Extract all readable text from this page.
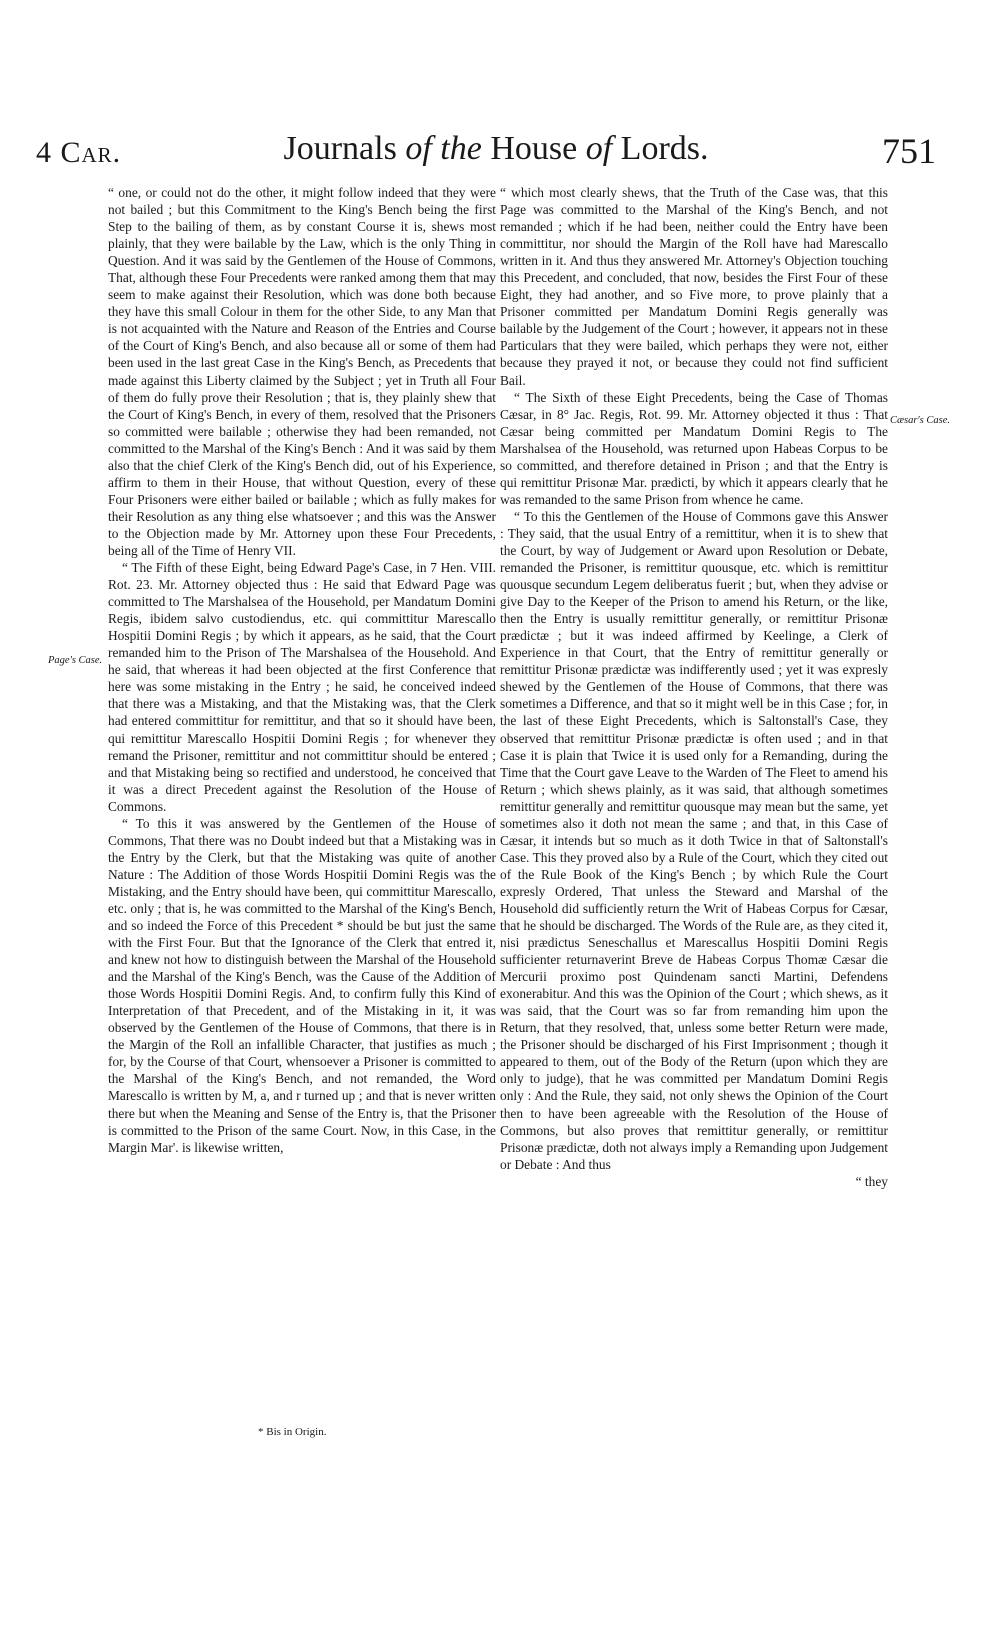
4 Car.	Journals of the House of Lords.	751
Page's Case.
Cæsar's Case.

“ one, or could not do the other, it might follow indeed that they were not bailed ; but this Commitment to the King's Bench being the first Step to the bailing of them, as by constant Course it is, shews most plainly, that they were bailable by the Law, which is the only Thing in Question. And it was said by the Gentlemen of the House of Commons, That, although these Four Precedents were ranked among them that may seem to make against their Resolution, which was done both because they have this small Colour in them for the other Side, to any Man that is not acquainted with the Nature and Reason of the Entries and Course of the Court of King's Bench, and also because all or some of them had been used in the last great Case in the King's Bench, as Precedents that made against this Liberty claimed by the Subject ; yet in Truth all Four of them do fully prove their Resolution ; that is, they plainly shew that the Court of King's Bench, in every of them, resolved that the Prisoners so committed were bailable ; otherwise they had been remanded, not committed to the Marshal of the King's Bench : And it was said by them also that the chief Clerk of the King's Bench did, out of his Experience, affirm to them in their House, that without Question, every of these Four Prisoners were either bailed or bailable ; which as fully makes for their Resolution as any thing else whatsoever ; and this was the Answer to the Objection made by Mr. Attorney upon these Four Precedents, being all of the Time of Henry VII.

“ The Fifth of these Eight, being Edward Page's Case, in 7 Hen. VIII. Rot. 23. Mr. Attorney objected thus : He said that Edward Page was committed to The Marshalsea of the Household, per Mandatum Domini Regis, ibidem salvo custodiendus, etc. qui committitur Marescallo Hospitii Domini Regis ; by which it appears, as he said, that the Court remanded him to the Prison of The Marshalsea of the Household. And he said, that whereas it had been objected at the first Conference that here was some mistaking in the Entry ; he said, he conceived indeed that there was a Mistaking, and that the Mistaking was, that the Clerk had entered committitur for remittitur, and that so it should have been, qui remittitur Marescallo Hospitii Domini Regis ; for whenever they remand the Prisoner, remittitur and not committitur should be entered ; and that Mistaking being so rectified and understood, he conceived that it was a direct Precedent against the Resolution of the House of Commons.

“ To this it was answered by the Gentlemen of the House of Commons, That there was no Doubt indeed but that a Mistaking was in the Entry by the Clerk, but that the Mistaking was quite of another Nature : The Addition of those Words Hospitii Domini Regis was the Mistaking, and the Entry should have been, qui committitur Marescallo, etc. only ; that is, he was committed to the Marshal of the King's Bench, and so indeed the Force of this Precedent * should be but just the same with the First Four. But that the Ignorance of the Clerk that entred it, and knew not how to distinguish between the Marshal of the Household and the Marshal of the King's Bench, was the Cause of the Addition of those Words Hospitii Domini Regis. And, to confirm fully this Kind of Interpretation of that Precedent, and of the Mistaking in it, it was observed by the Gentlemen of the House of Commons, that there is in the Margin of the Roll an infallible Character, that justifies as much ; for, by the Course of that Court, whensoever a Prisoner is committed to the Marshal of the King's Bench, and not remanded, the Word Marescallo is written by M, a, and r turned up ; and that is never written there but when the Meaning and Sense of the Entry is, that the Prisoner is committed to the Prison of the same Court. Now, in this Case, in the Margin Mar'. is likewise written,

“ which most clearly shews, that the Truth of the Case was, that this Page was committed to the Marshal of the King's Bench, and not remanded ; which if he had been, neither could the Entry have been committitur, nor should the Margin of the Roll have had Marescallo written in it. And thus they answered Mr. Attorney's Objection touching this Precedent, and concluded, that now, besides the First Four of these Eight, they had another, and so Five more, to prove plainly that a Prisoner committed per Mandatum Domini Regis generally was bailable by the Judgement of the Court ; however, it appears not in these Particulars that they were bailed, which perhaps they were not, either because they prayed it not, or because they could not find sufficient Bail.

“ The Sixth of these Eight Precedents, being the Case of Thomas Cæsar, in 8° Jac. Regis, Rot. 99. Mr. Attorney objected it thus : That Cæsar being committed per Mandatum Domini Regis to The Marshalsea of the Household, was returned upon Habeas Corpus to be so committed, and therefore detained in Prison ; and that the Entry is qui remittitur Prisonæ Mar. prædicti, by which it appears clearly that he was remanded to the same Prison from whence he came.

“ To this the Gentlemen of the House of Commons gave this Answer : They said, that the usual Entry of a remittitur, when it is to shew that the Court, by way of Judgement or Award upon Resolution or Debate, remanded the Prisoner, is remittitur quousque, etc. which is remittitur quousque secundum Legem deliberatus fuerit ; but, when they advise or give Day to the Keeper of the Prison to amend his Return, or the like, then the Entry is usually remittitur generally, or remittitur Prisonæ prædictæ ; but it was indeed affirmed by Keelinge, a Clerk of Experience in that Court, that the Entry of remittitur generally or remittitur Prisonæ prædictæ was indifferently used ; yet it was expresly shewed by the Gentlemen of the House of Commons, that there was sometimes a Difference, and that so it might well be in this Case ; for, in the last of these Eight Precedents, which is Saltonstall's Case, they observed that remittitur Prisonæ prædictæ is often used ; and in that Case it is plain that Twice it is used only for a Remanding, during the Time that the Court gave Leave to the Warden of The Fleet to amend his Return ; which shews plainly, as it was said, that although sometimes remittitur generally and remittitur quousque may mean but the same, yet sometimes also it doth not mean the same ; and that, in this Case of Cæsar, it intends but so much as it doth Twice in that of Saltonstall's Case. This they proved also by a Rule of the Court, which they cited out of the Rule Book of the King's Bench ; by which Rule the Court expresly Ordered, That unless the Steward and Marshal of the Household did sufficiently return the Writ of Habeas Corpus for Cæsar, that he should be discharged. The Words of the Rule are, as they cited it, nisi prædictus Seneschallus et Marescallus Hospitii Domini Regis sufficienter returnaverint Breve de Habeas Corpus Thomæ Cæsar die Mercurii proximo post Quindenam sancti Martini, Defendens exonerabitur. And this was the Opinion of the Court ; which shews, as it was said, that the Court was so far from remanding him upon the Return, that they resolved, that, unless some better Return were made, the Prisoner should be discharged of his First Imprisonment ; though it appeared to them, out of the Body of the Return (upon which they are only to judge), that he was committed per Mandatum Domini Regis only : And the Rule, they said, not only shews the Opinion of the Court then to have been agreeable with the Resolution of the House of Commons, but also proves that remittitur generally, or remittitur Prisonæ prædictæ, doth not always imply a Remanding upon Judgement or Debate : And thus

“ they

* Bis in Origin.
